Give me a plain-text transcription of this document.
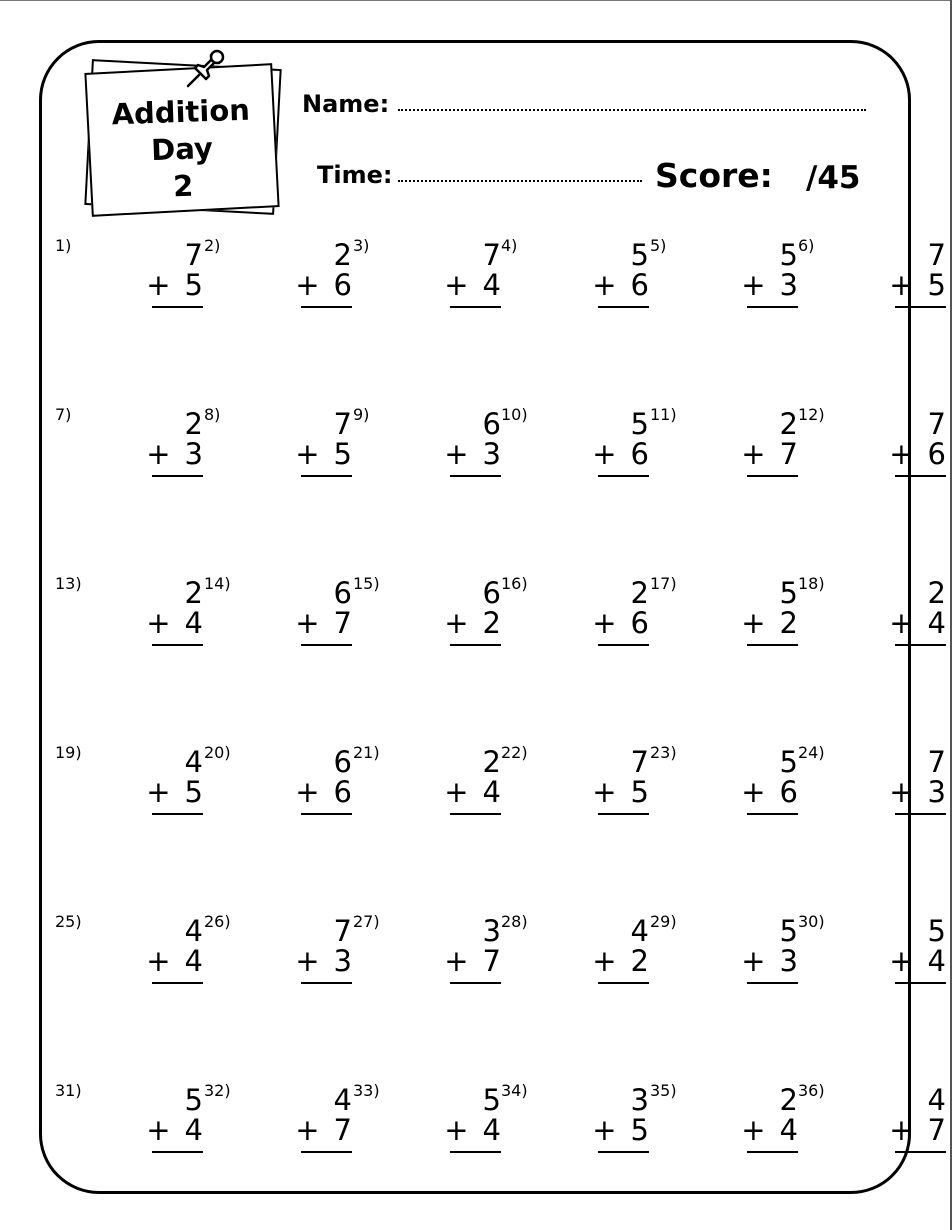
Addition
Day
2
Name:
Time:	Score: /45
1)	7
+ 5
2)	2
+ 6
3)	7
+ 4
4)	5
+ 6
5)	5
+ 3
6)	7
+ 5
7)	2
+ 3
8)	7
+ 5
9)	6
+ 3
10)	5
+ 6
11)	2
+ 7
12)	7
+ 6
13)	2
+ 4
14)	6
+ 7
15)	6
+ 2
16)	2
+ 6
17)	5
+ 2
18)	2
+ 4
19)	4
+ 5
20)	6
+ 6
21)	2
+ 4
22)	7
+ 5
23)	5
+ 6
24)	7
+ 3
25)	4
+ 4
26)	7
+ 3
27)	3
+ 7
28)	4
+ 2
29)	5
+ 3
30)	5
+ 4
31)	5
+ 4
32)	4
+ 7
33)	5
+ 4
34)	3
+ 5
35)	2
+ 4
36)	4
+ 7
